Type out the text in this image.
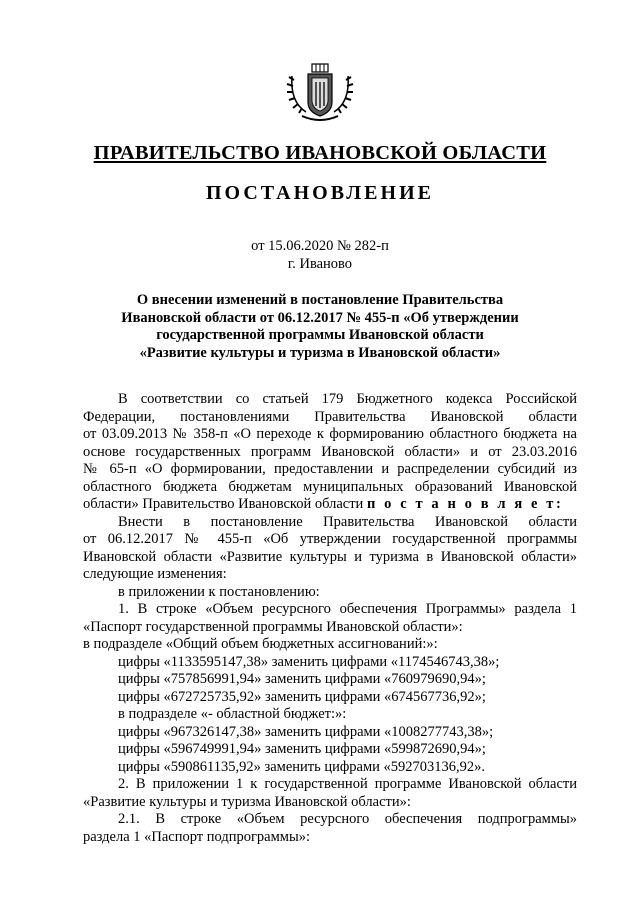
ПРАВИТЕЛЬСТВО ИВАНОВСКОЙ ОБЛАСТИ
ПОСТАНОВЛЕНИЕ
от 15.06.2020 № 282-п
г. Иваново
О внесении изменений в постановление Правительства
Ивановской области от 06.12.2017 № 455-п «Об утверждении
государственной программы Ивановской области
«Развитие культуры и туризма в Ивановской области»

В соответствии со статьей 179 Бюджетного кодекса Российской

Федерации, постановлениями Правительства Ивановской области

от 03.09.2013 № 358-п «О переходе к формированию областного бюджета на

основе государственных программ Ивановской области» и от 23.03.2016

№ 65-п «О формировании, предоставлении и распределении субсидий из

областного бюджета бюджетам муниципальных образований Ивановской

области» Правительство Ивановской области п о с т а н о в л я е т:

Внести в постановление Правительства Ивановской области

от 06.12.2017 № 455-п «Об утверждении государственной программы

Ивановской области «Развитие культуры и туризма в Ивановской области»

следующие изменения:

в приложении к постановлению:

1. В строке «Объем ресурсного обеспечения Программы» раздела 1

«Паспорт государственной программы Ивановской области»:

в подразделе «Общий объем бюджетных ассигнований:»:

цифры «1133595147,38» заменить цифрами «1174546743,38»;

цифры «757856991,94» заменить цифрами «760979690,94»;

цифры «672725735,92» заменить цифрами «674567736,92»;

в подразделе «- областной бюджет:»:

цифры «967326147,38» заменить цифрами «1008277743,38»;

цифры «596749991,94» заменить цифрами «599872690,94»;

цифры «590861135,92» заменить цифрами «592703136,92».

2. В приложении 1 к государственной программе Ивановской области

«Развитие культуры и туризма Ивановской области»:

2.1. В строке «Объем ресурсного обеспечения подпрограммы»

раздела 1 «Паспорт подпрограммы»:
